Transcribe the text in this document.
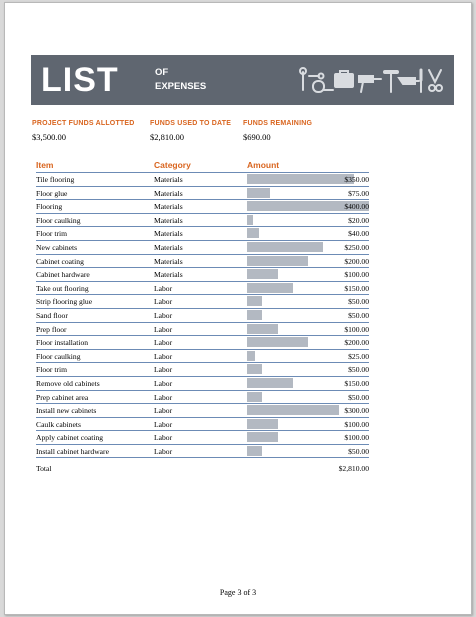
LIST	OF
EXPENSES
PROJECT FUNDS ALLOTTED
$3,500.00
FUNDS USED TO DATE
$2,810.00
FUNDS REMAINING
$690.00
Item	Category	Amount
Tile flooring	Materials	$350.00
Floor glue	Materials	$75.00
Flooring	Materials	$400.00
Floor caulking	Materials	$20.00
Floor trim	Materials	$40.00
New cabinets	Materials	$250.00
Cabinet coating	Materials	$200.00
Cabinet hardware	Materials	$100.00
Take out flooring	Labor	$150.00
Strip flooring glue	Labor	$50.00
Sand floor	Labor	$50.00
Prep floor	Labor	$100.00
Floor installation	Labor	$200.00
Floor caulking	Labor	$25.00
Floor trim	Labor	$50.00
Remove old cabinets	Labor	$150.00
Prep cabinet area	Labor	$50.00
Install new cabinets	Labor	$300.00
Caulk cabinets	Labor	$100.00
Apply cabinet coating	Labor	$100.00
Install cabinet hardware	Labor	$50.00
Total	$2,810.00
Page 3 of 3
